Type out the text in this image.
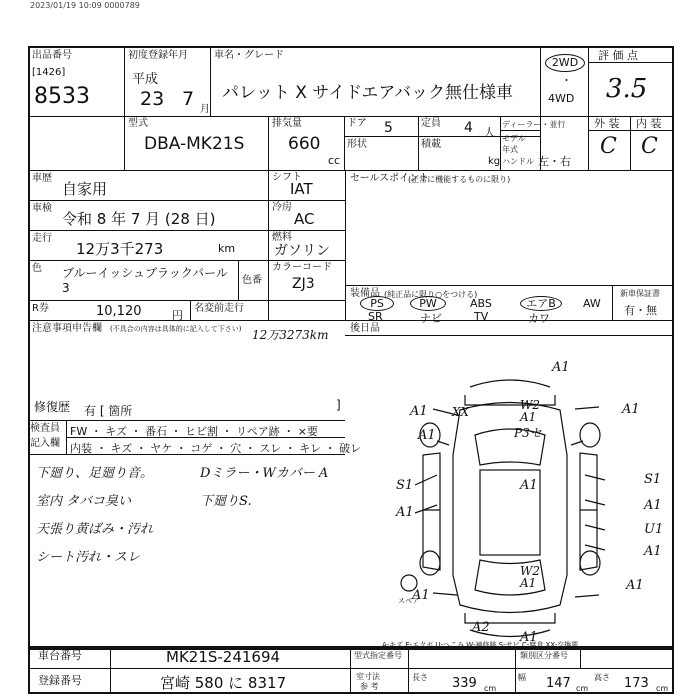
2023/01/19 10:09 0000789
出品番号
[1426]
8533
初度登録年月
平成
23 7 月
車名・グレード
パレット X サイドエアバック無仕様車
2WD
・
4WD
評 価 点
3.5
外 装 内 装
C C
型式
DBA-MK21S
排気量
660
cc
ドア 5	定員 4 人
形状	積載
kg
ディーラー・並行
モデル年式
ハンドル 左・右
車歴
自家用
車検
令和 8 年 7 月 (28 日)
走行
12万3千273	km
色 ブルーイッシュブラックパール3
色番
シフト
IAT
冷房
AC
燃料
ガソリン
カラーコード
ZJ3
R券	10,120	円
名変前走行
注意事項申告欄 (不具合の内容は具体的に記入して下さい) 12万3273km
修復歴 有 [ 箇所	]
セールスポイント
(正常に機能するものに限り)
装備品 (純正品に限り○をつける)	新車保証書
有・無
PS	PW	ABS	エアB	AW
SR	ナビ	TV	カワ
後日品
検査員
記入欄
FW ・ キズ ・ 番石 ・ ヒビ割 ・ リペア跡 ・ ×要
内装 ・ キズ ・ ヤケ ・ コゲ ・ 穴 ・ スレ ・ キレ ・ 破レ
下廻り、足廻り音。
室内 タバコ臭い
天張り黄ばみ・汚れ
シート汚れ・スレ
Dミラー・Wカバー A
下廻りS.
A1
A1 XX	A1
W2
A1
P3セ
A1
A1
S1	S1
A1	A1
A1
U1
W2
A1
A1
A1
A2
A1
スペア
A-キズ E-エクボ U-へこみ W-補修跡 S-サビ C-腐食 XX-交換要
車台番号	MK21S-241694
登録番号	宮崎 580 に 8317
型式指定番号	類別区分番号
室寸法
参 考
長さ 339 cm
幅 147 cm
高さ 173 cm
